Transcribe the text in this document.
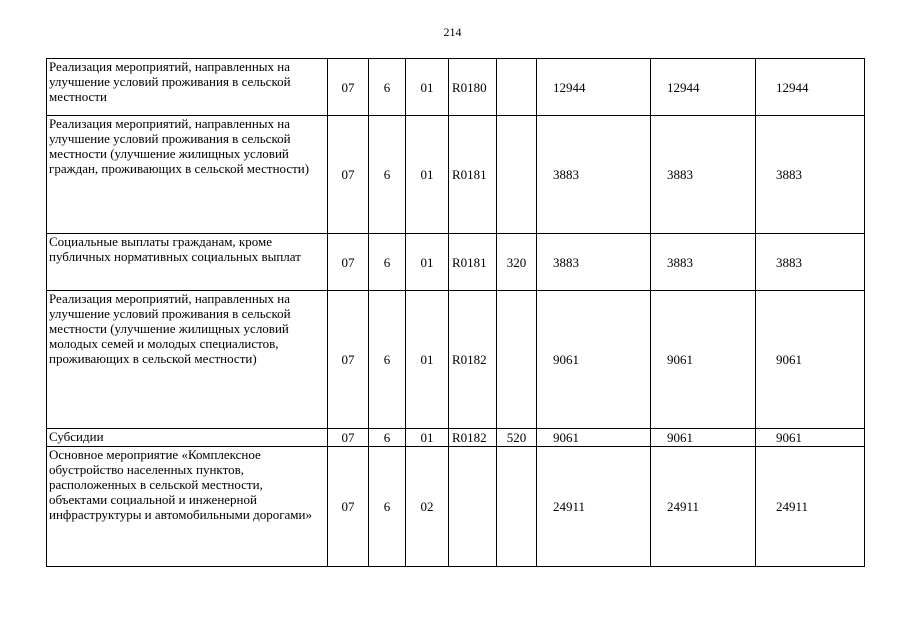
214
Реализация мероприятий, направленных на улучшение условий проживания в сельской местности	07	6	01	R0180		12944	12944	12944
Реализация мероприятий, направленных на улучшение условий проживания в сельской местности (улучшение жилищных условий граждан, проживающих в сельской местности)	07	6	01	R0181		3883	3883	3883
Социальные выплаты гражданам, кроме публичных нормативных социальных выплат	07	6	01	R0181	320	3883	3883	3883
Реализация мероприятий, направленных на улучшение условий проживания в сельской местности (улучшение жилищных условий молодых семей и молодых специалистов, проживающих в сельской местности)	07	6	01	R0182		9061	9061	9061
Субсидии	07	6	01	R0182	520	9061	9061	9061
Основное мероприятие «Комплексное обустройство населенных пунктов, расположенных в сельской местности, объектами социальной и инженерной инфраструктуры и автомобильными дорогами»	07	6	02			24911	24911	24911
